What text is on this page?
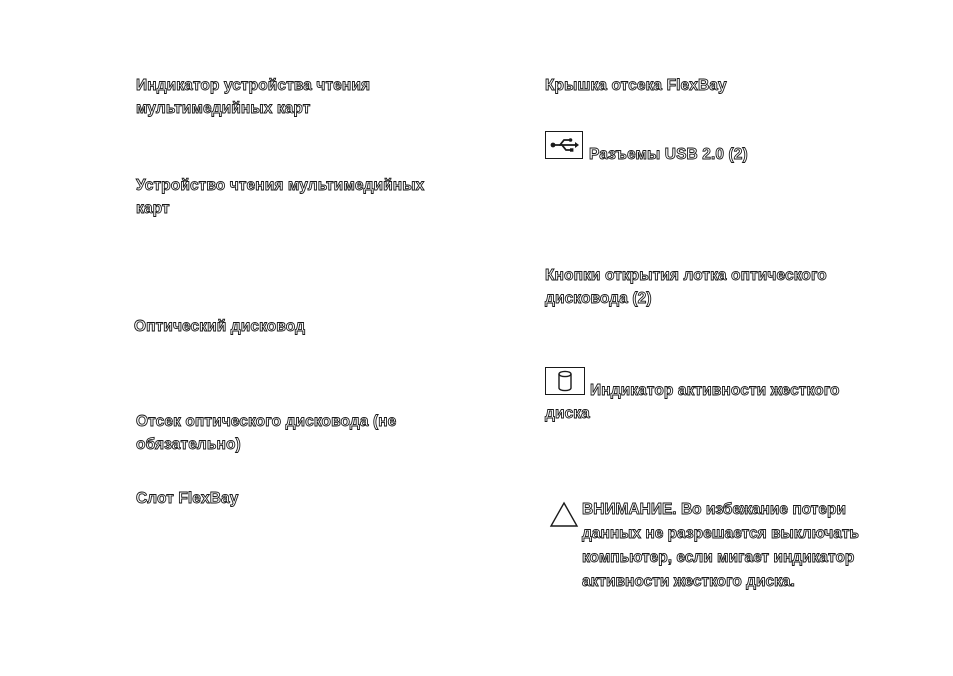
Индикатор устройства чтения мультимедийных карт
Устройство чтения мультимедийных карт
Оптический дисковод
Отсек оптического дисковода (не обязательно)
Слот FlexBay
Крышка отсека FlexBay
Разъемы USB 2.0 (2)
Кнопки открытия лотка оптического дисковода (2)
Индикатор активности жесткого диска
ВНИМАНИЕ. Во избежание потери данных не разрешается выключать компьютер, если мигает индикатор активности жесткого диска.
